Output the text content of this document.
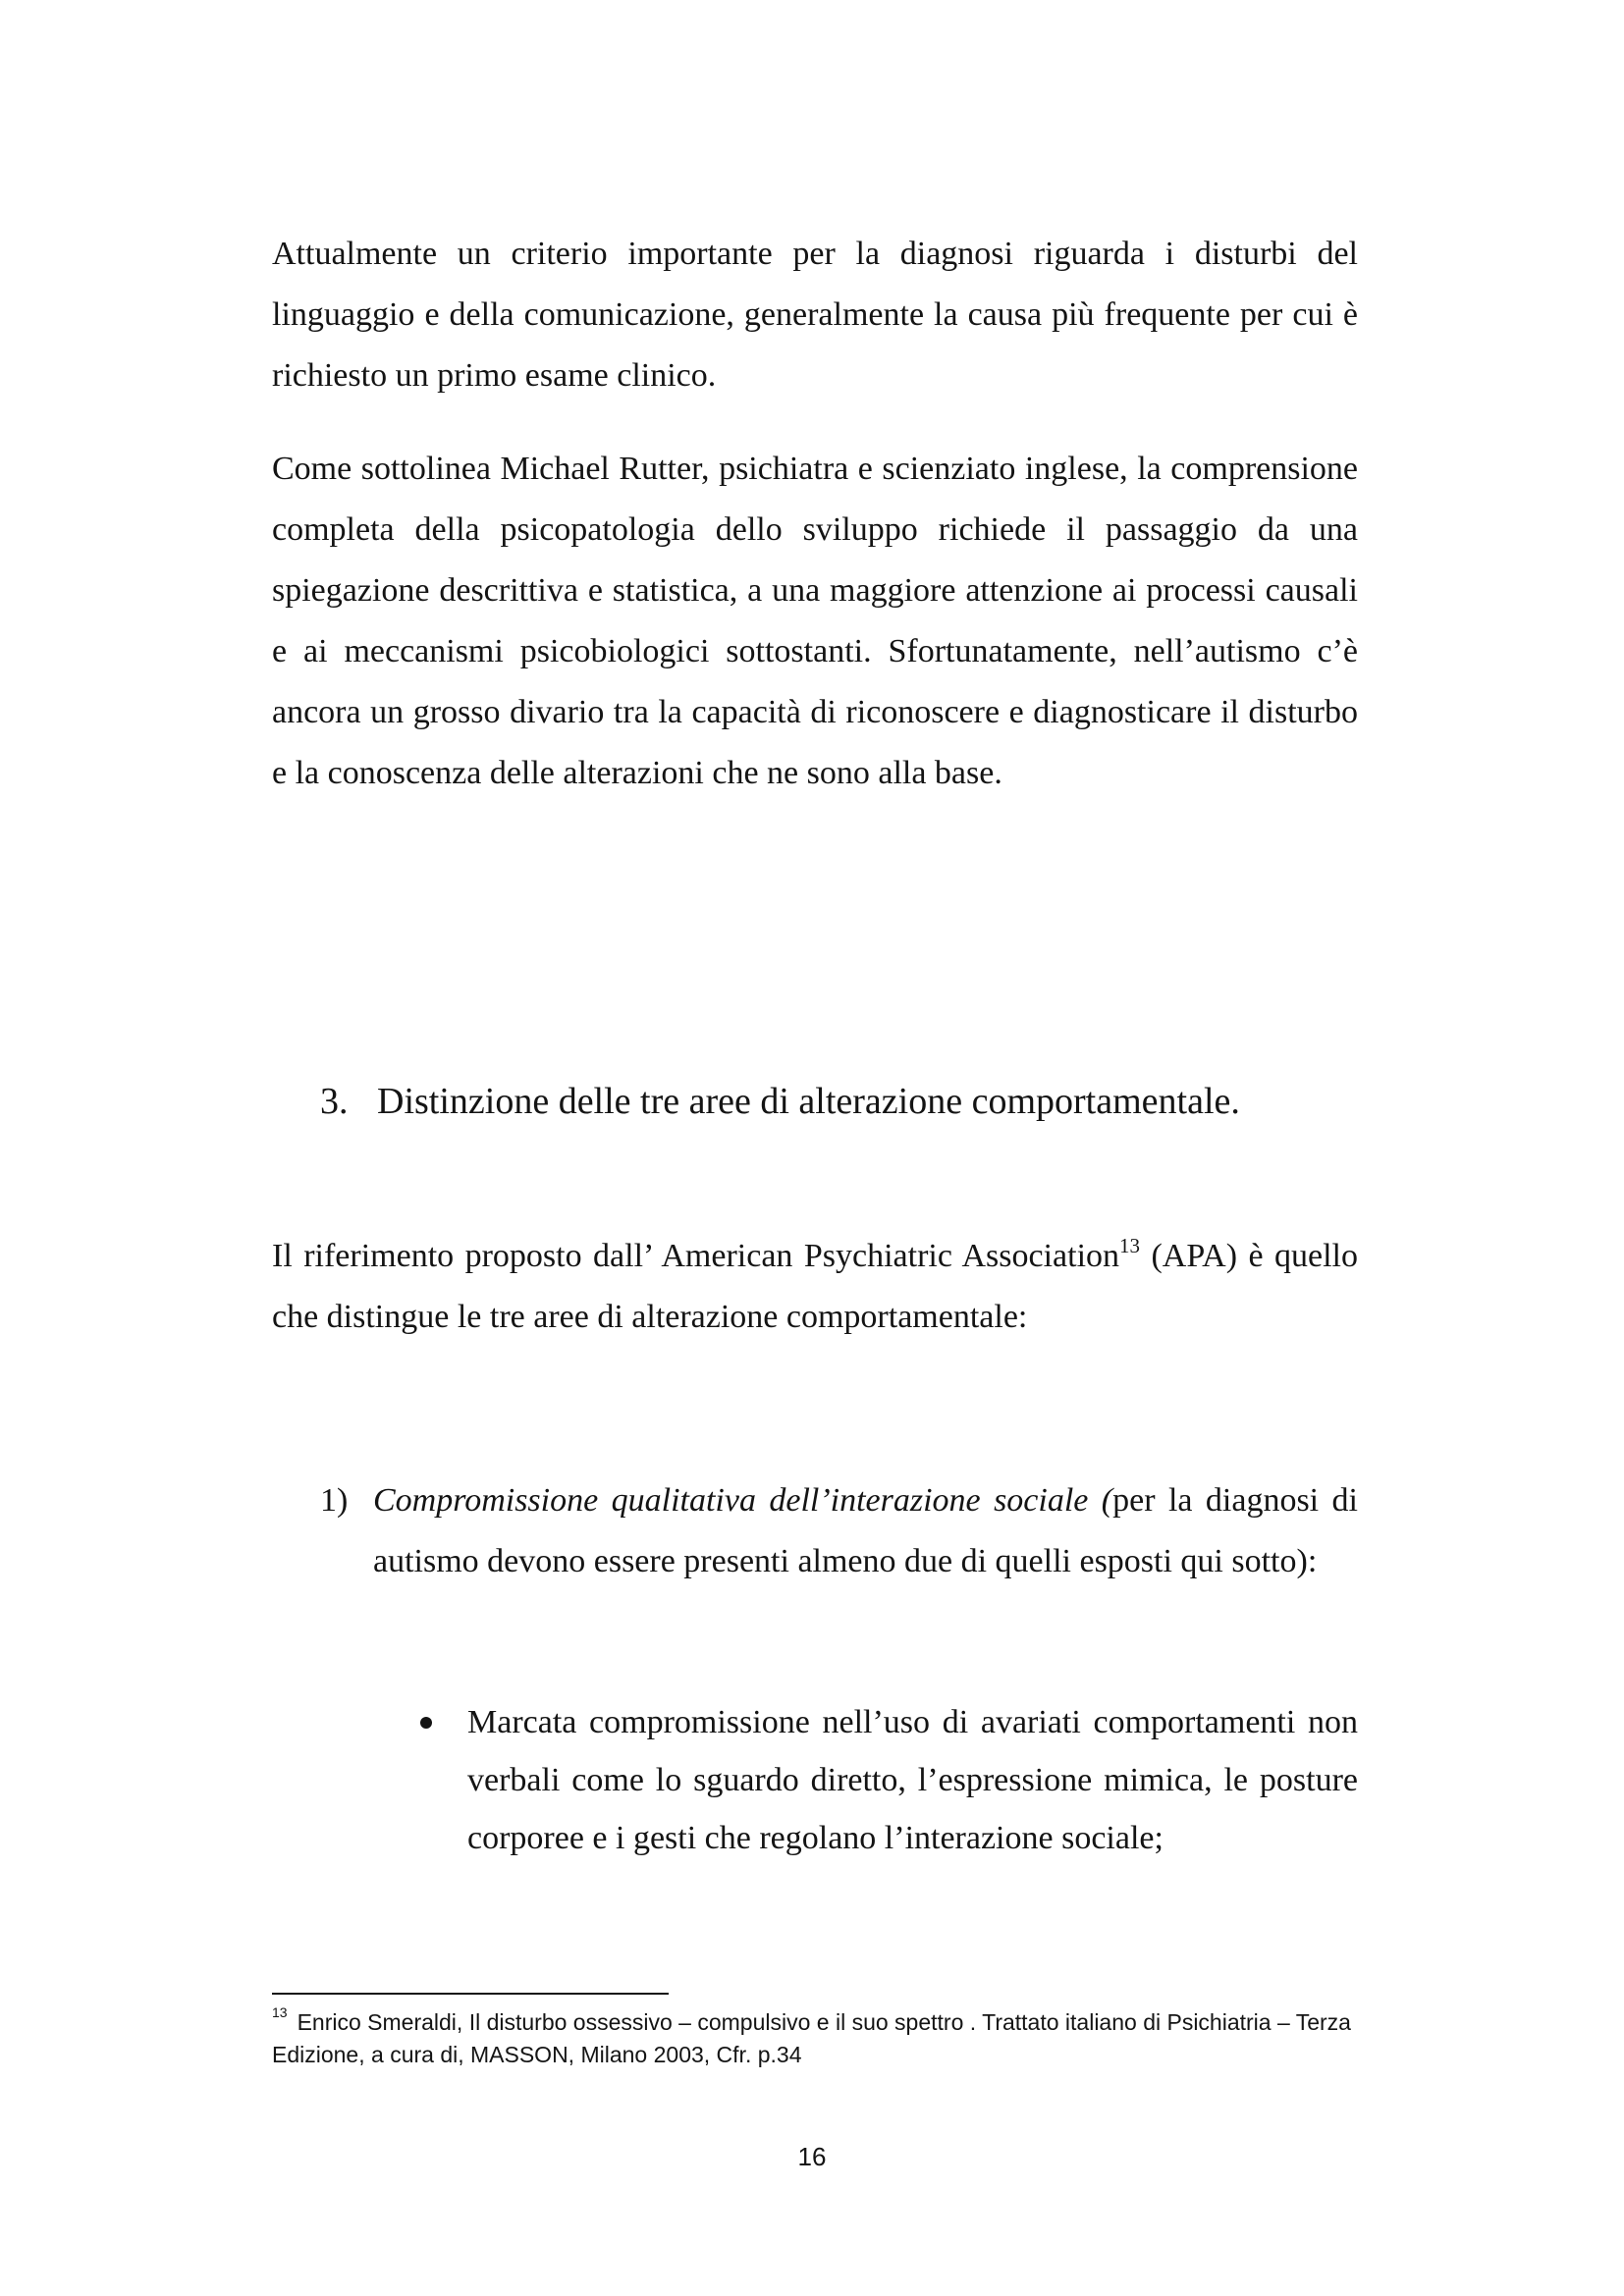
Attualmente un criterio importante per la diagnosi riguarda i disturbi del linguaggio e della comunicazione, generalmente la causa più frequente per cui è richiesto un primo esame clinico.

Come sottolinea Michael Rutter, psichiatra e scienziato inglese, la comprensione completa della psicopatologia dello sviluppo richiede il passaggio da una spiegazione descrittiva e statistica, a una maggiore attenzione ai processi causali e ai meccanismi psicobiologici sottostanti. Sfortunatamente, nell’autismo c’è ancora un grosso divario tra la capacità di riconoscere e diagnosticare il disturbo e la conoscenza delle alterazioni che ne sono alla base.

3. Distinzione delle tre aree di alterazione comportamentale.

Il riferimento proposto dall’ American Psychiatric Association$^{13}$ (APA) è quello che distingue le tre aree di alterazione comportamentale:

1) Compromissione qualitativa dell’interazione sociale (per la diagnosi di autismo devono essere presenti almeno due di quelli esposti qui sotto):
Marcata compromissione nell’uso di avariati comportamenti non verbali come lo sguardo diretto, l’espressione mimica, le posture corporee e i gesti che regolano l’interazione sociale;

$^{13}$ Enrico Smeraldi, Il disturbo ossessivo – compulsivo e il suo spettro . Trattato italiano di Psichiatria – Terza Edizione, a cura di, MASSON, Milano 2003, Cfr. p.34

16
